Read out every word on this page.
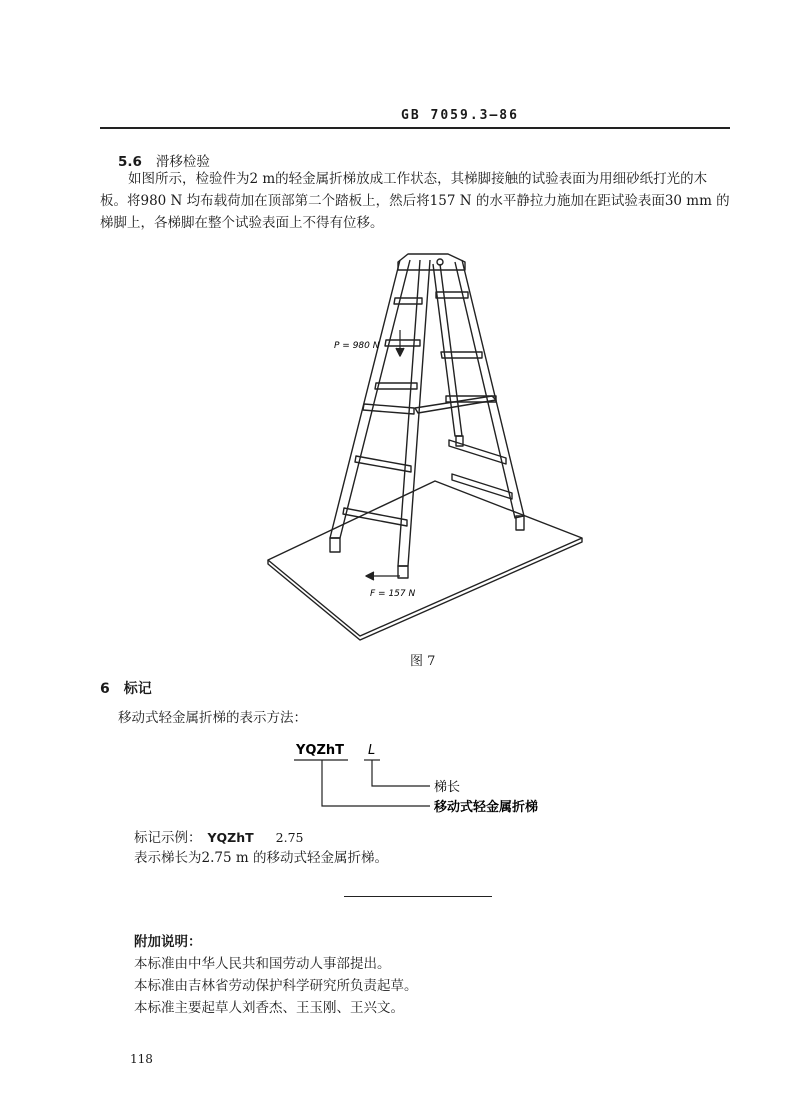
GB 7059.3—86
5.6 滑移检验
如图所示，检验件为2 m的轻金属折梯放成工作状态，其梯脚接触的试验表面为用细砂纸打光的木板。将980 N 均布载荷加在顶部第二个踏板上，然后将157 N 的水平静拉力施加在距试验表面30 mm 的梯脚上，各梯脚在整个试验表面上不得有位移。
P = 980 N
F = 157 N
图 7
6 标记
移动式轻金属折梯的表示方法：
YQZhT L
梯长
移动式轻金属折梯
标记示例： YQZhT 2.75
表示梯长为2.75 m 的移动式轻金属折梯。
附加说明：
本标准由中华人民共和国劳动人事部提出。
本标准由吉林省劳动保护科学研究所负责起草。
本标准主要起草人刘香杰、王玉刚、王兴文。
118
